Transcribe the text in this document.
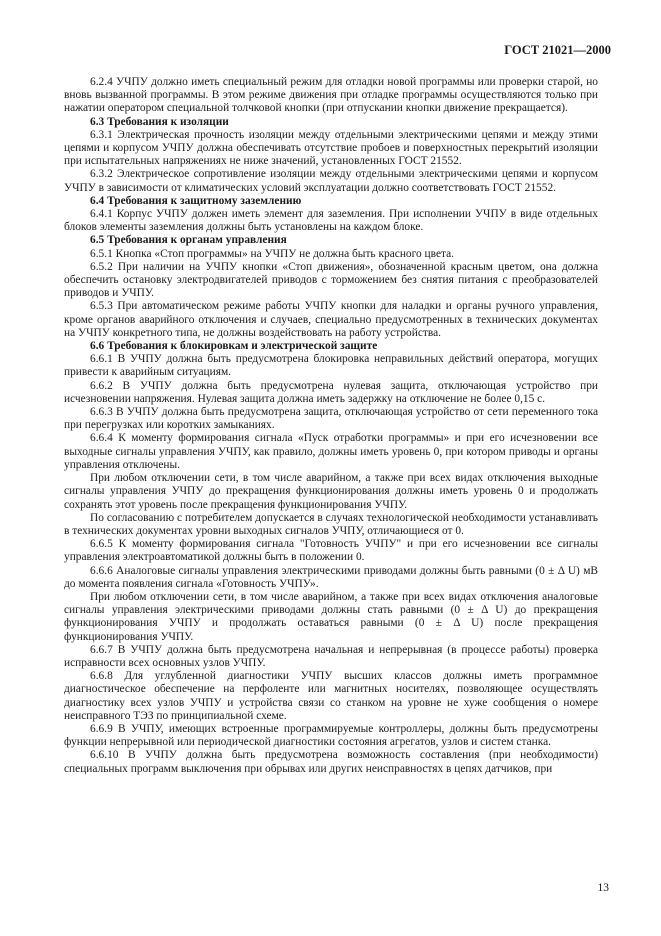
ГОСТ 21021—2000

6.2.4 УЧПУ должно иметь специальный режим для отладки новой программы или проверки старой, но вновь вызванной программы. В этом режиме движения при отладке программы осуществляются только при нажатии оператором специальной толчковой кнопки (при отпускании кнопки движение прекращается).

6.3 Требования к изоляции

6.3.1 Электрическая прочность изоляции между отдельными электрическими цепями и между этими цепями и корпусом УЧПУ должна обеспечивать отсутствие пробоев и поверхностных перекрытий изоляции при испытательных напряжениях не ниже значений, установленных ГОСТ 21552.

6.3.2 Электрическое сопротивление изоляции между отдельными электрическими цепями и корпусом УЧПУ в зависимости от климатических условий эксплуатации должно соответствовать ГОСТ 21552.

6.4 Требования к защитному заземлению

6.4.1 Корпус УЧПУ должен иметь элемент для заземления. При исполнении УЧПУ в виде отдельных блоков элементы заземления должны быть установлены на каждом блоке.

6.5 Требования к органам управления

6.5.1 Кнопка «Стоп программы» на УЧПУ не должна быть красного цвета.

6.5.2 При наличии на УЧПУ кнопки «Стоп движения», обозначенной красным цветом, она должна обеспечить остановку электродвигателей приводов с торможением без снятия питания с преобразователей приводов и УЧПУ.

6.5.3 При автоматическом режиме работы УЧПУ кнопки для наладки и органы ручного управления, кроме органов аварийного отключения и случаев, специально предусмотренных в технических документах на УЧПУ конкретного типа, не должны воздействовать на работу устройства.

6.6 Требования к блокировкам и электрической защите

6.6.1 В УЧПУ должна быть предусмотрена блокировка неправильных действий оператора, могущих привести к аварийным ситуациям.

6.6.2 В УЧПУ должна быть предусмотрена нулевая защита, отключающая устройство при исчезновении напряжения. Нулевая защита должна иметь задержку на отключение не более 0,15 с.

6.6.3 В УЧПУ должна быть предусмотрена защита, отключающая устройство от сети переменного тока при перегрузках или коротких замыканиях.

6.6.4 К моменту формирования сигнала «Пуск отработки программы» и при его исчезновении все выходные сигналы управления УЧПУ, как правило, должны иметь уровень 0, при котором приводы и органы управления отключены.

При любом отключении сети, в том числе аварийном, а также при всех видах отключения выходные сигналы управления УЧПУ до прекращения функционирования должны иметь уровень 0 и продолжать сохранять этот уровень после прекращения функционирования УЧПУ.

По согласованию с потребителем допускается в случаях технологической необходимости устанавливать в технических документах уровни выходных сигналов УЧПУ, отличающиеся от 0.

6.6.5 К моменту формирования сигнала "Готовность УЧПУ" и при его исчезновении все сигналы управления электроавтоматикой должны быть в положении 0.

6.6.6 Аналоговые сигналы управления электрическими приводами должны быть равными (0 ± Δ U) мВ до момента появления сигнала «Готовность УЧПУ».

При любом отключении сети, в том числе аварийном, а также при всех видах отключения аналоговые сигналы управления электрическими приводами должны стать равными (0 ± Δ U) до прекращения функционирования УЧПУ и продолжать оставаться равными (0 ± Δ U) после прекращения функционирования УЧПУ.

6.6.7 В УЧПУ должна быть предусмотрена начальная и непрерывная (в процессе работы) проверка исправности всех основных узлов УЧПУ.

6.6.8 Для углубленной диагностики УЧПУ высших классов должны иметь программное диагностическое обеспечение на перфоленте или магнитных носителях, позволяющее осуществлять диагностику всех узлов УЧПУ и устройства связи со станком на уровне не хуже сообщения о номере неисправного ТЭЗ по принципиальной схеме.

6.6.9 В УЧПУ, имеющих встроенные программируемые контроллеры, должны быть предусмотрены функции непрерывной или периодической диагностики состояния агрегатов, узлов и систем станка.

6.6.10 В УЧПУ должна быть предусмотрена возможность составления (при необходимости) специальных программ выключения при обрывах или других неисправностях в цепях датчиков, при

13
